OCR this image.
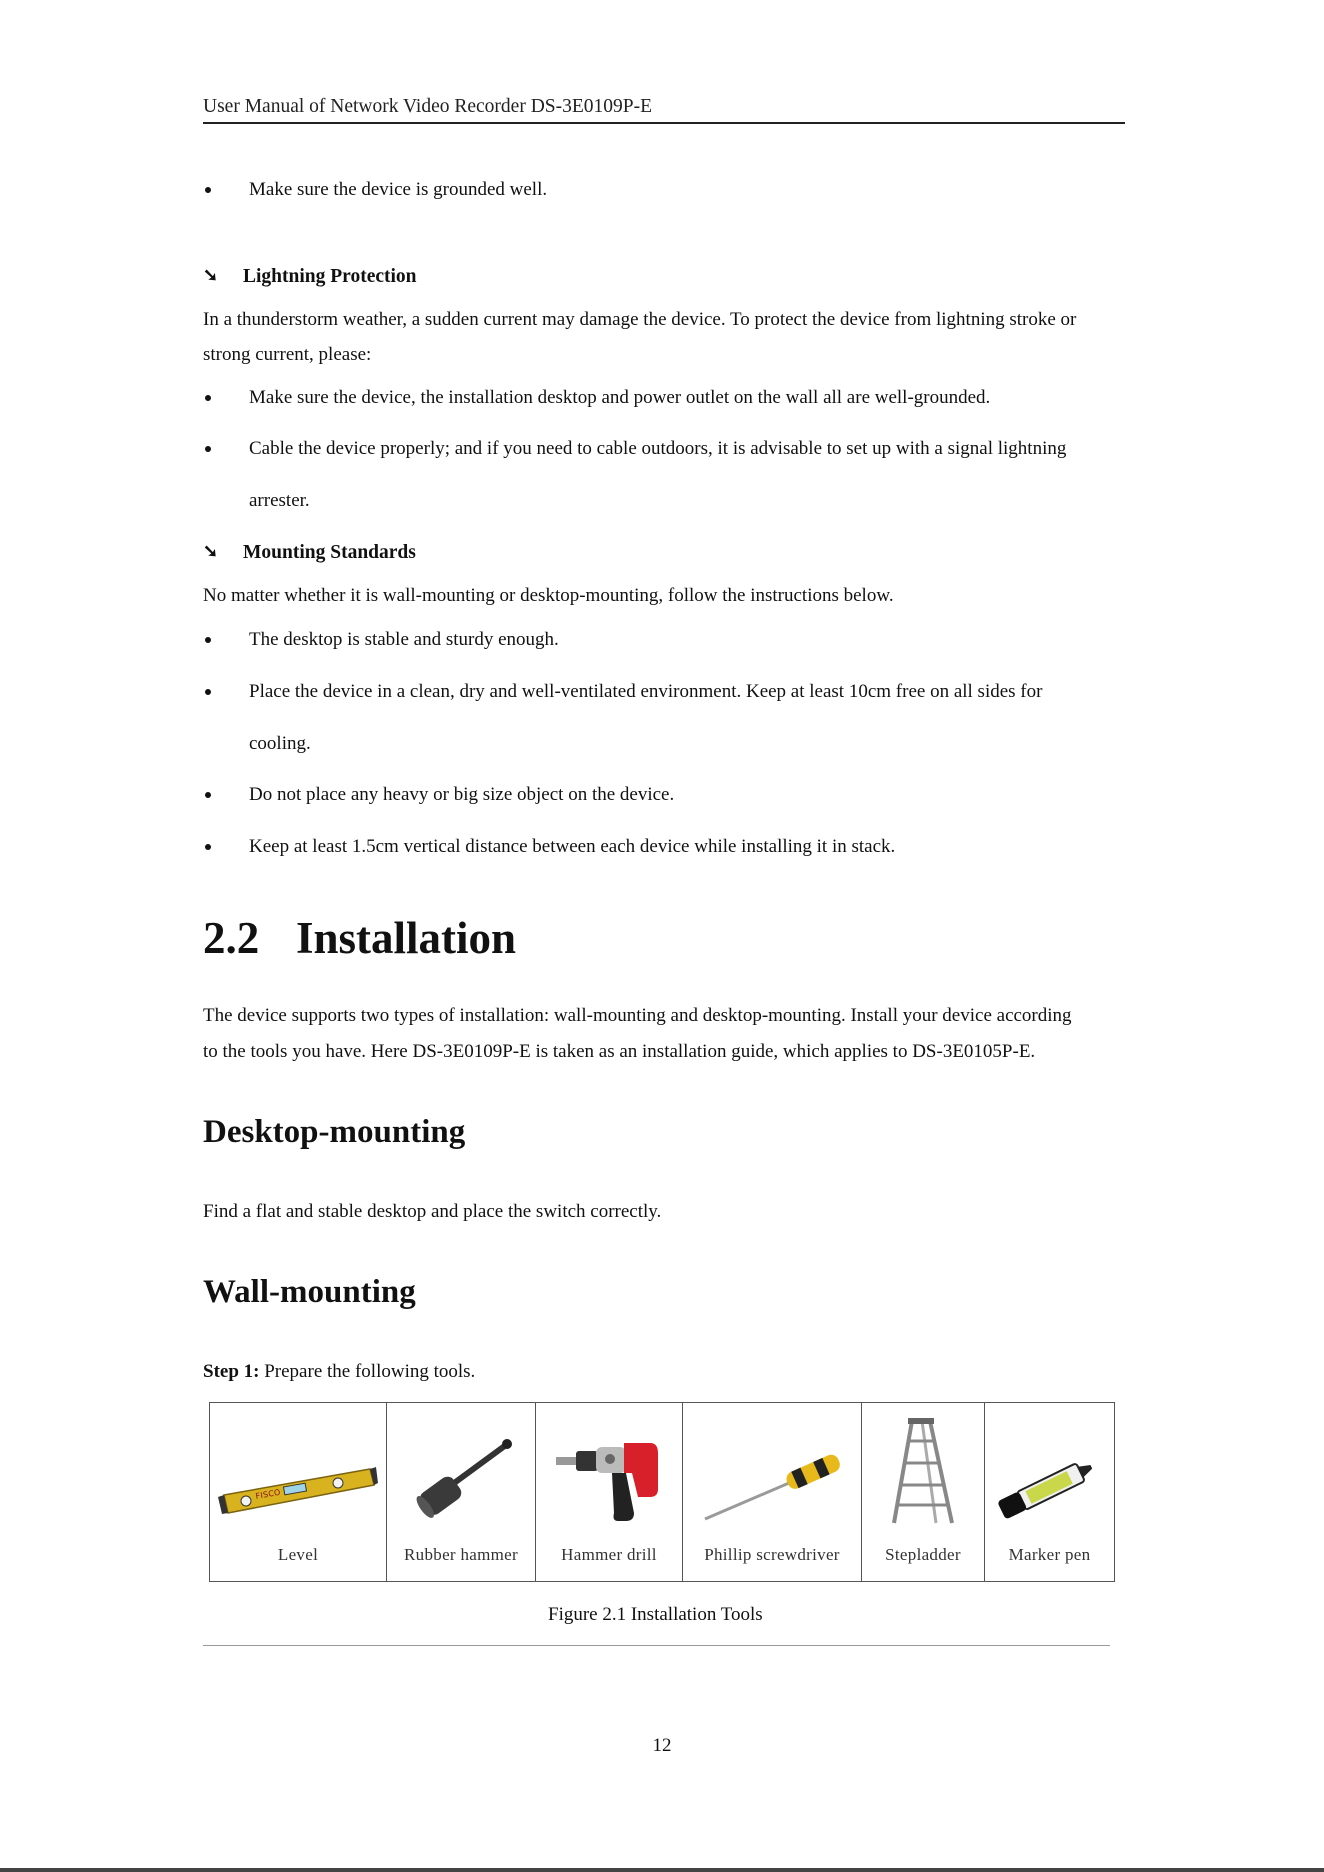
User Manual of Network Video Recorder DS-3E0109P-E
Make sure the device is grounded well.
➘ Lightning Protection
In a thunderstorm weather, a sudden current may damage the device. To protect the device from lightning stroke or
strong current, please:
Make sure the device, the installation desktop and power outlet on the wall all are well-grounded.
Cable the device properly; and if you need to cable outdoors, it is advisable to set up with a signal lightning
arrester.
➘ Mounting Standards
No matter whether it is wall-mounting or desktop-mounting, follow the instructions below.
The desktop is stable and sturdy enough.
Place the device in a clean, dry and well-ventilated environment. Keep at least 10cm free on all sides for
cooling.
Do not place any heavy or big size object on the device.
Keep at least 1.5cm vertical distance between each device while installing it in stack.
2.2 Installation
The device supports two types of installation: wall-mounting and desktop-mounting. Install your device according
to the tools you have. Here DS-3E0109P-E is taken as an installation guide, which applies to DS-3E0105P-E.
Desktop-mounting
Find a flat and stable desktop and place the switch correctly.
Wall-mounting
Step 1: Prepare the following tools.
FISCO
Level	Rubber hammer	Hammer drill	Phillip screwdriver	Stepladder	Marker pen
Figure 2.1 Installation Tools
12
